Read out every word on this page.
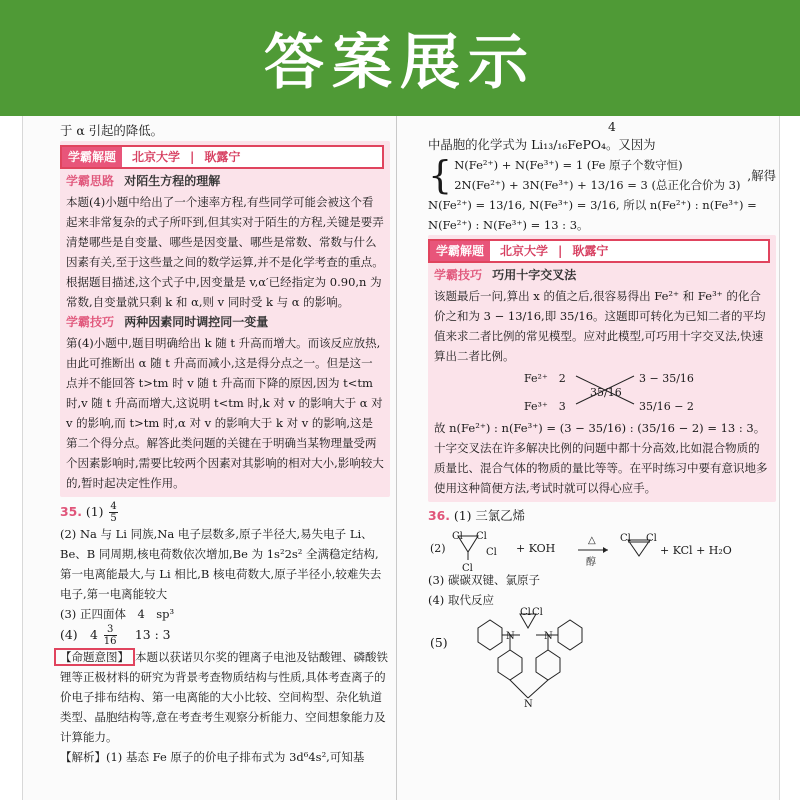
答案展示

于 α 引起的降低。

学霸解题	北京大学 | 耿露宁
学霸思路 对陌生方程的理解

本题(4)小题中给出了一个速率方程,有些同学可能会被这个看起来非常复杂的式子所吓到,但其实对于陌生的方程,关键是要弄清楚哪些是自变量、哪些是因变量、哪些是常数、常数与什么因素有关,至于这些量之间的数学运算,并不是化学考查的重点。根据题目描述,这个式子中,因变量是 v,α′已经指定为 0.90,n 为常数,自变量就只剩 k 和 α,则 v 同时受 k 与 α 的影响。

学霸技巧 两种因素同时调控同一变量

第(4)小题中,题目明确给出 k 随 t 升高而增大。而该反应放热,由此可推断出 α 随 t 升高而减小,这是得分点之一。但是这一点并不能回答 t>tm 时 v 随 t 升高而下降的原因,因为 t<tm 时,v 随 t 升高而增大,这说明 t<tm 时,k 对 v 的影响大于 α 对 v 的影响,而 t>tm 时,α 对 v 的影响大于 k 对 v 的影响,这是第二个得分点。解答此类问题的关键在于明确当某物理量受两个因素影响时,需要比较两个因素对其影响的相对大小,影响较大的,暂时起决定性作用。

35. $(1) \frac{4}{5}$

(2) Na 与 Li 同族,Na 电子层数多,原子半径大,易失电子 Li、Be、B 同周期,核电荷数依次增加,Be 为 1s²2s² 全满稳定结构,第一电离能最大,与 Li 相比,B 核电荷数大,原子半径小,较难失去电子,第一电离能较大

(3) 正四面体　4　sp³

(4)　$4 \frac{3}{16}$ 　13 : 3

【命题意图】 本题以获诺贝尔奖的锂离子电池及钴酸锂、磷酸铁锂等正极材料的研究为背景考查物质结构与性质,具体考查离子的价电子排布结构、第一电离能的大小比较、空间构型、杂化轨道类型、晶胞结构等,意在考查考生观察分析能力、空间想象能力及计算能力。

【解析】(1) 基态 Fe 原子的价电子排布式为 3d⁶4s²,可知基

4

中晶胞的化学式为 Li₁₃/₁₆FePO₄。又因为

{ N(Fe²⁺) + N(Fe³⁺) = 1 (Fe 原子个数守恒)

2N(Fe²⁺) + 3N(Fe³⁺) + 13/16 = 3 (总正化合价为 3)

,解得

N(Fe²⁺) = 13/16, N(Fe³⁺) = 3/16, 所以 n(Fe²⁺) : n(Fe³⁺) =

N(Fe²⁺) : N(Fe³⁺) = 13 : 3。

学霸解题	北京大学 | 耿露宁
学霸技巧 巧用十字交叉法

该题最后一问,算出 x 的值之后,很容易得出 Fe²⁺ 和 Fe³⁺ 的化合价之和为 3 − 13/16,即 35/16。这题即可转化为已知二者的平均值来求二者比例的常见模型。应对此模型,可巧用十字交叉法,快速算出二者比例。

Fe²⁺　2
Fe³⁺　3
35/16
3 − 35/16
35/16 − 2

故 n(Fe²⁺) : n(Fe³⁺) = (3 − 35/16) : (35/16 − 2) = 13 : 3。

十字交叉法在许多解决比例的问题中都十分高效,比如混合物质的质量比、混合气体的物质的量比等等。在平时练习中要有意识地多使用这种简便方法,考试时就可以得心应手。

36. (1) 三氯乙烯

(2)
Cl Cl
Cl
Cl
+ KOH
△
醇
Cl Cl
+ KCl + H₂O

(3) 碳碳双键、氯原子

(4) 取代反应

(5)
Cl Cl
N	N
N
